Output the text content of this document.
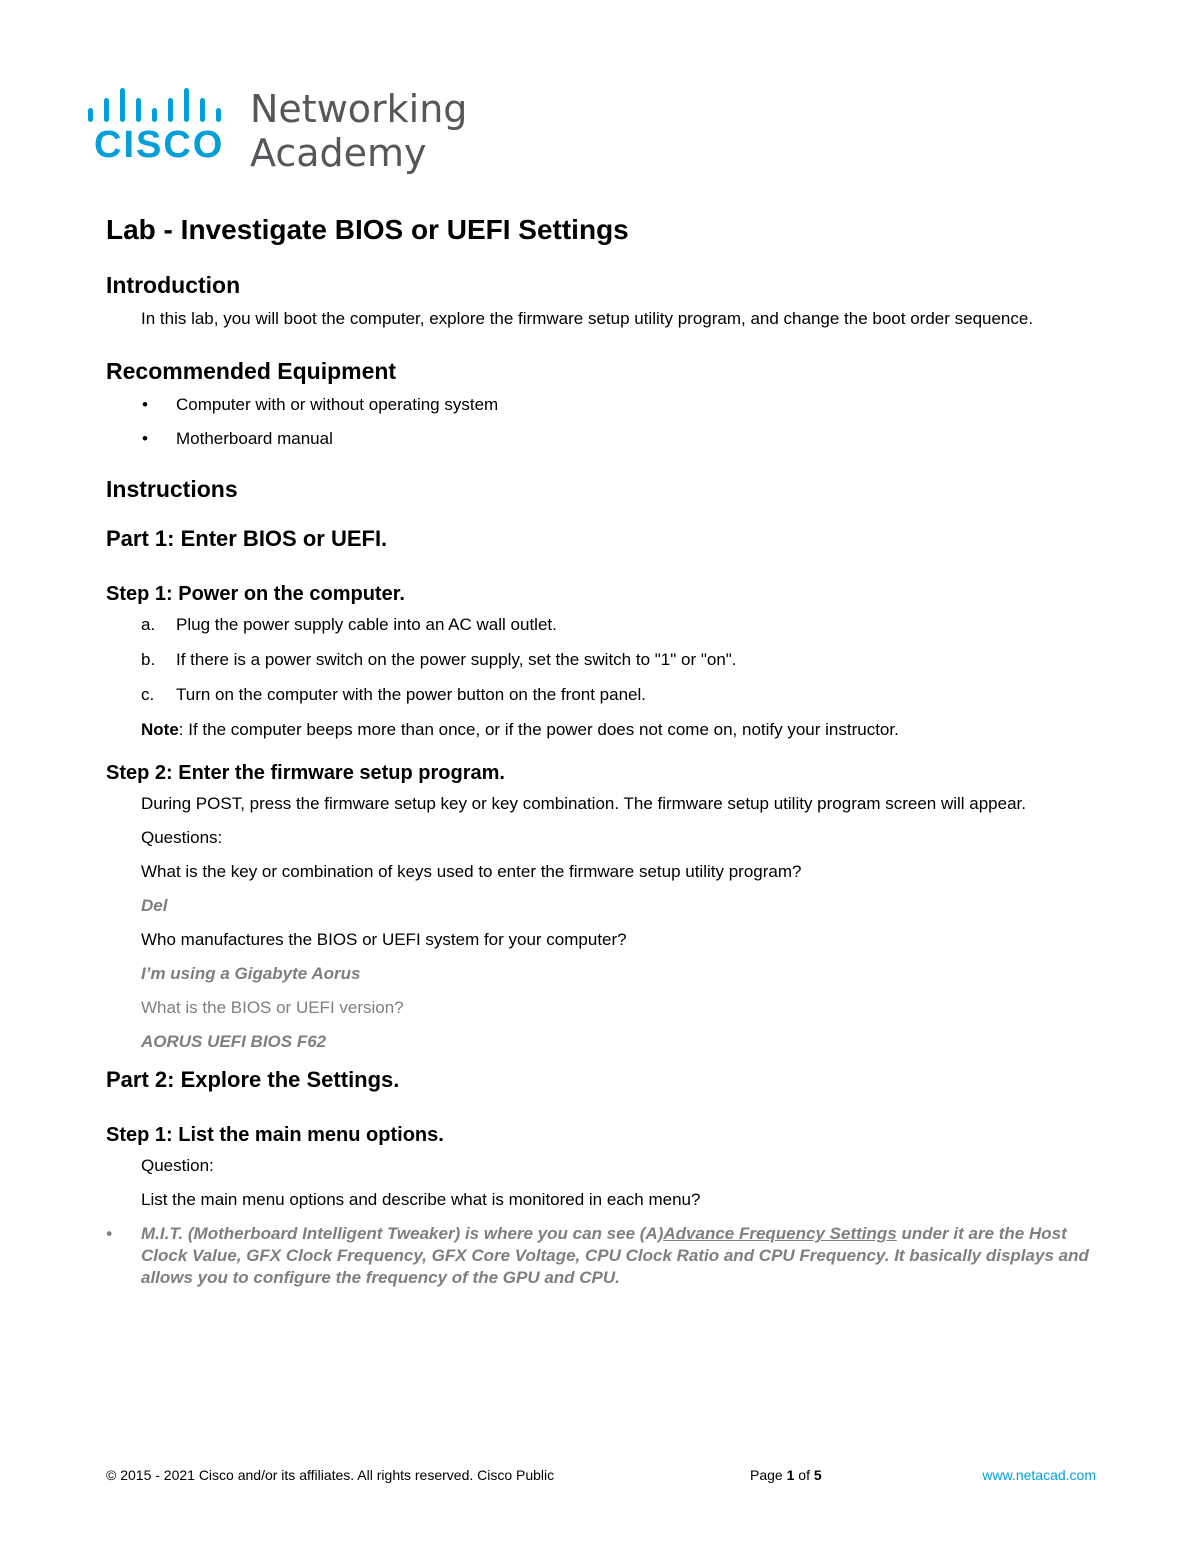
CISCO
Networking
Academy
Lab - Investigate BIOS or UEFI Settings
Introduction

In this lab, you will boot the computer, explore the firmware setup utility program, and change the boot order sequence.

Recommended Equipment
• Computer with or without operating system
• Motherboard manual
Instructions
Part 1: Enter BIOS or UEFI.
Step 1: Power on the computer.
a. Plug the power supply cable into an AC wall outlet.
b. If there is a power switch on the power supply, set the switch to "1" or "on".
c. Turn on the computer with the power button on the front panel.

Note: If the computer beeps more than once, or if the power does not come on, notify your instructor.

Step 2: Enter the firmware setup program.

During POST, press the firmware setup key or key combination. The firmware setup utility program screen will appear.

Questions:

What is the key or combination of keys used to enter the firmware setup utility program?

Del

Who manufactures the BIOS or UEFI system for your computer?

I’m using a Gigabyte Aorus

What is the BIOS or UEFI version?

AORUS UEFI BIOS F62

Part 2: Explore the Settings.
Step 1: List the main menu options.

Question:

List the main menu options and describe what is monitored in each menu?

• M.I.T. (Motherboard Intelligent Tweaker) is where you can see (A)Advance Frequency Settings under it are the Host Clock Value, GFX Clock Frequency, GFX Core Voltage, CPU Clock Ratio and CPU Frequency. It basically displays and allows you to configure the frequency of the GPU and CPU.

© 2015 - 2021 Cisco and/or its affiliates. All rights reserved. Cisco Public	Page 1 of 5	www.netacad.com
